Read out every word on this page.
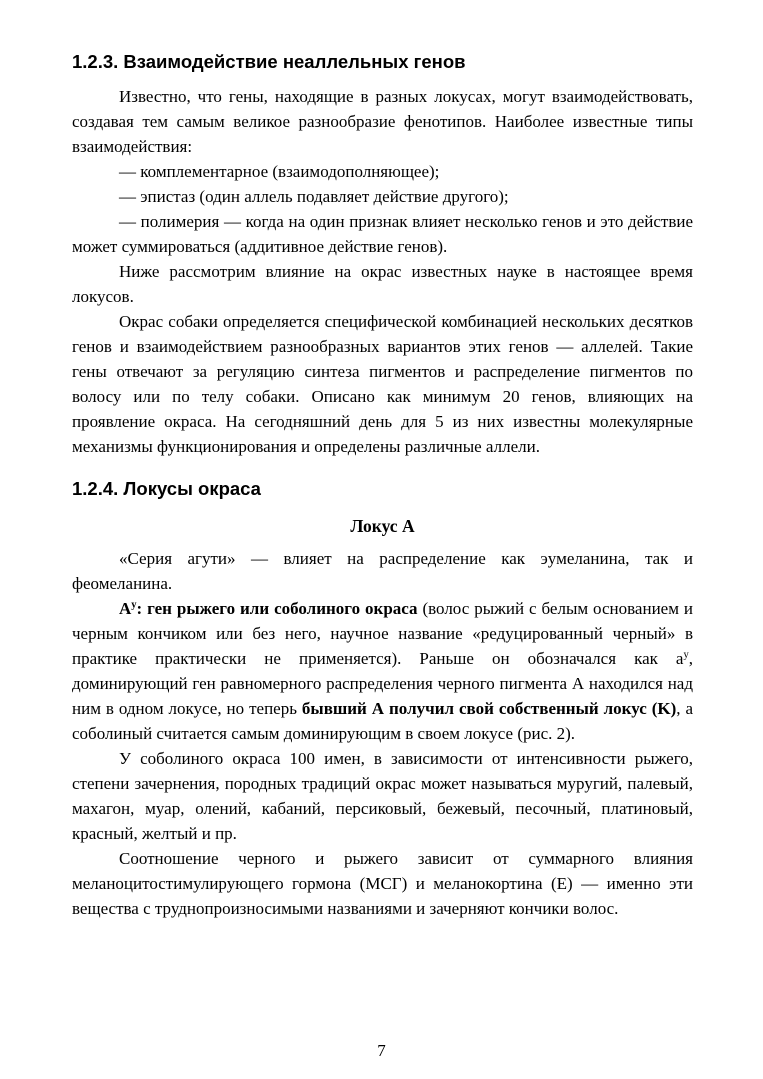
1.2.3. Взаимодействие неаллельных генов

Известно, что гены, находящие в разных локусах, могут взаимодействовать, создавая тем самым великое разнообразие фенотипов. Наиболее известные типы взаимодействия:

— комплементарное (взаимодополняющее);

— эпистаз (один аллель подавляет действие другого);

— полимерия — когда на один признак влияет несколько генов и это действие может суммироваться (аддитивное действие генов).

Ниже рассмотрим влияние на окрас известных науке в настоящее время локусов.

Окрас собаки определяется специфической комбинацией нескольких десятков генов и взаимодействием разнообразных вариантов этих генов — аллелей. Такие гены отвечают за регуляцию синтеза пигментов и распределение пигментов по волосу или по телу собаки. Описано как минимум 20 генов, влияющих на проявление окраса. На сегодняшний день для 5 из них известны молекулярные механизмы функционирования и определены различные аллели.

1.2.4. Локусы окраса
Локус А

«Серия агути» — влияет на распределение как эумеланина, так и феомеланина.

$А^у$: ген рыжего или соболиного окраса (волос рыжий с белым основанием и черным кончиком или без него, научное название «редуцированный черный» в практике практически не применяется). Раньше он обозначался как $а^у$, доминирующий ген равномерного распределения черного пигмента А находился над ним в одном локусе, но теперь бывший А получил свой собственный локус (K), а соболиный считается самым доминирующим в своем локусе (рис. 2).

У соболиного окраса 100 имен, в зависимости от интенсивности рыжего, степени зачернения, породных традиций окрас может называться муругий, палевый, махагон, муар, олений, кабаний, персиковый, бежевый, песочный, платиновый, красный, желтый и пр.

Соотношение черного и рыжего зависит от суммарного влияния меланоцитостимулирующего гормона (МСГ) и меланокортина (Е) — именно эти вещества с труднопроизносимыми названиями и зачерняют кончики волос.

7
